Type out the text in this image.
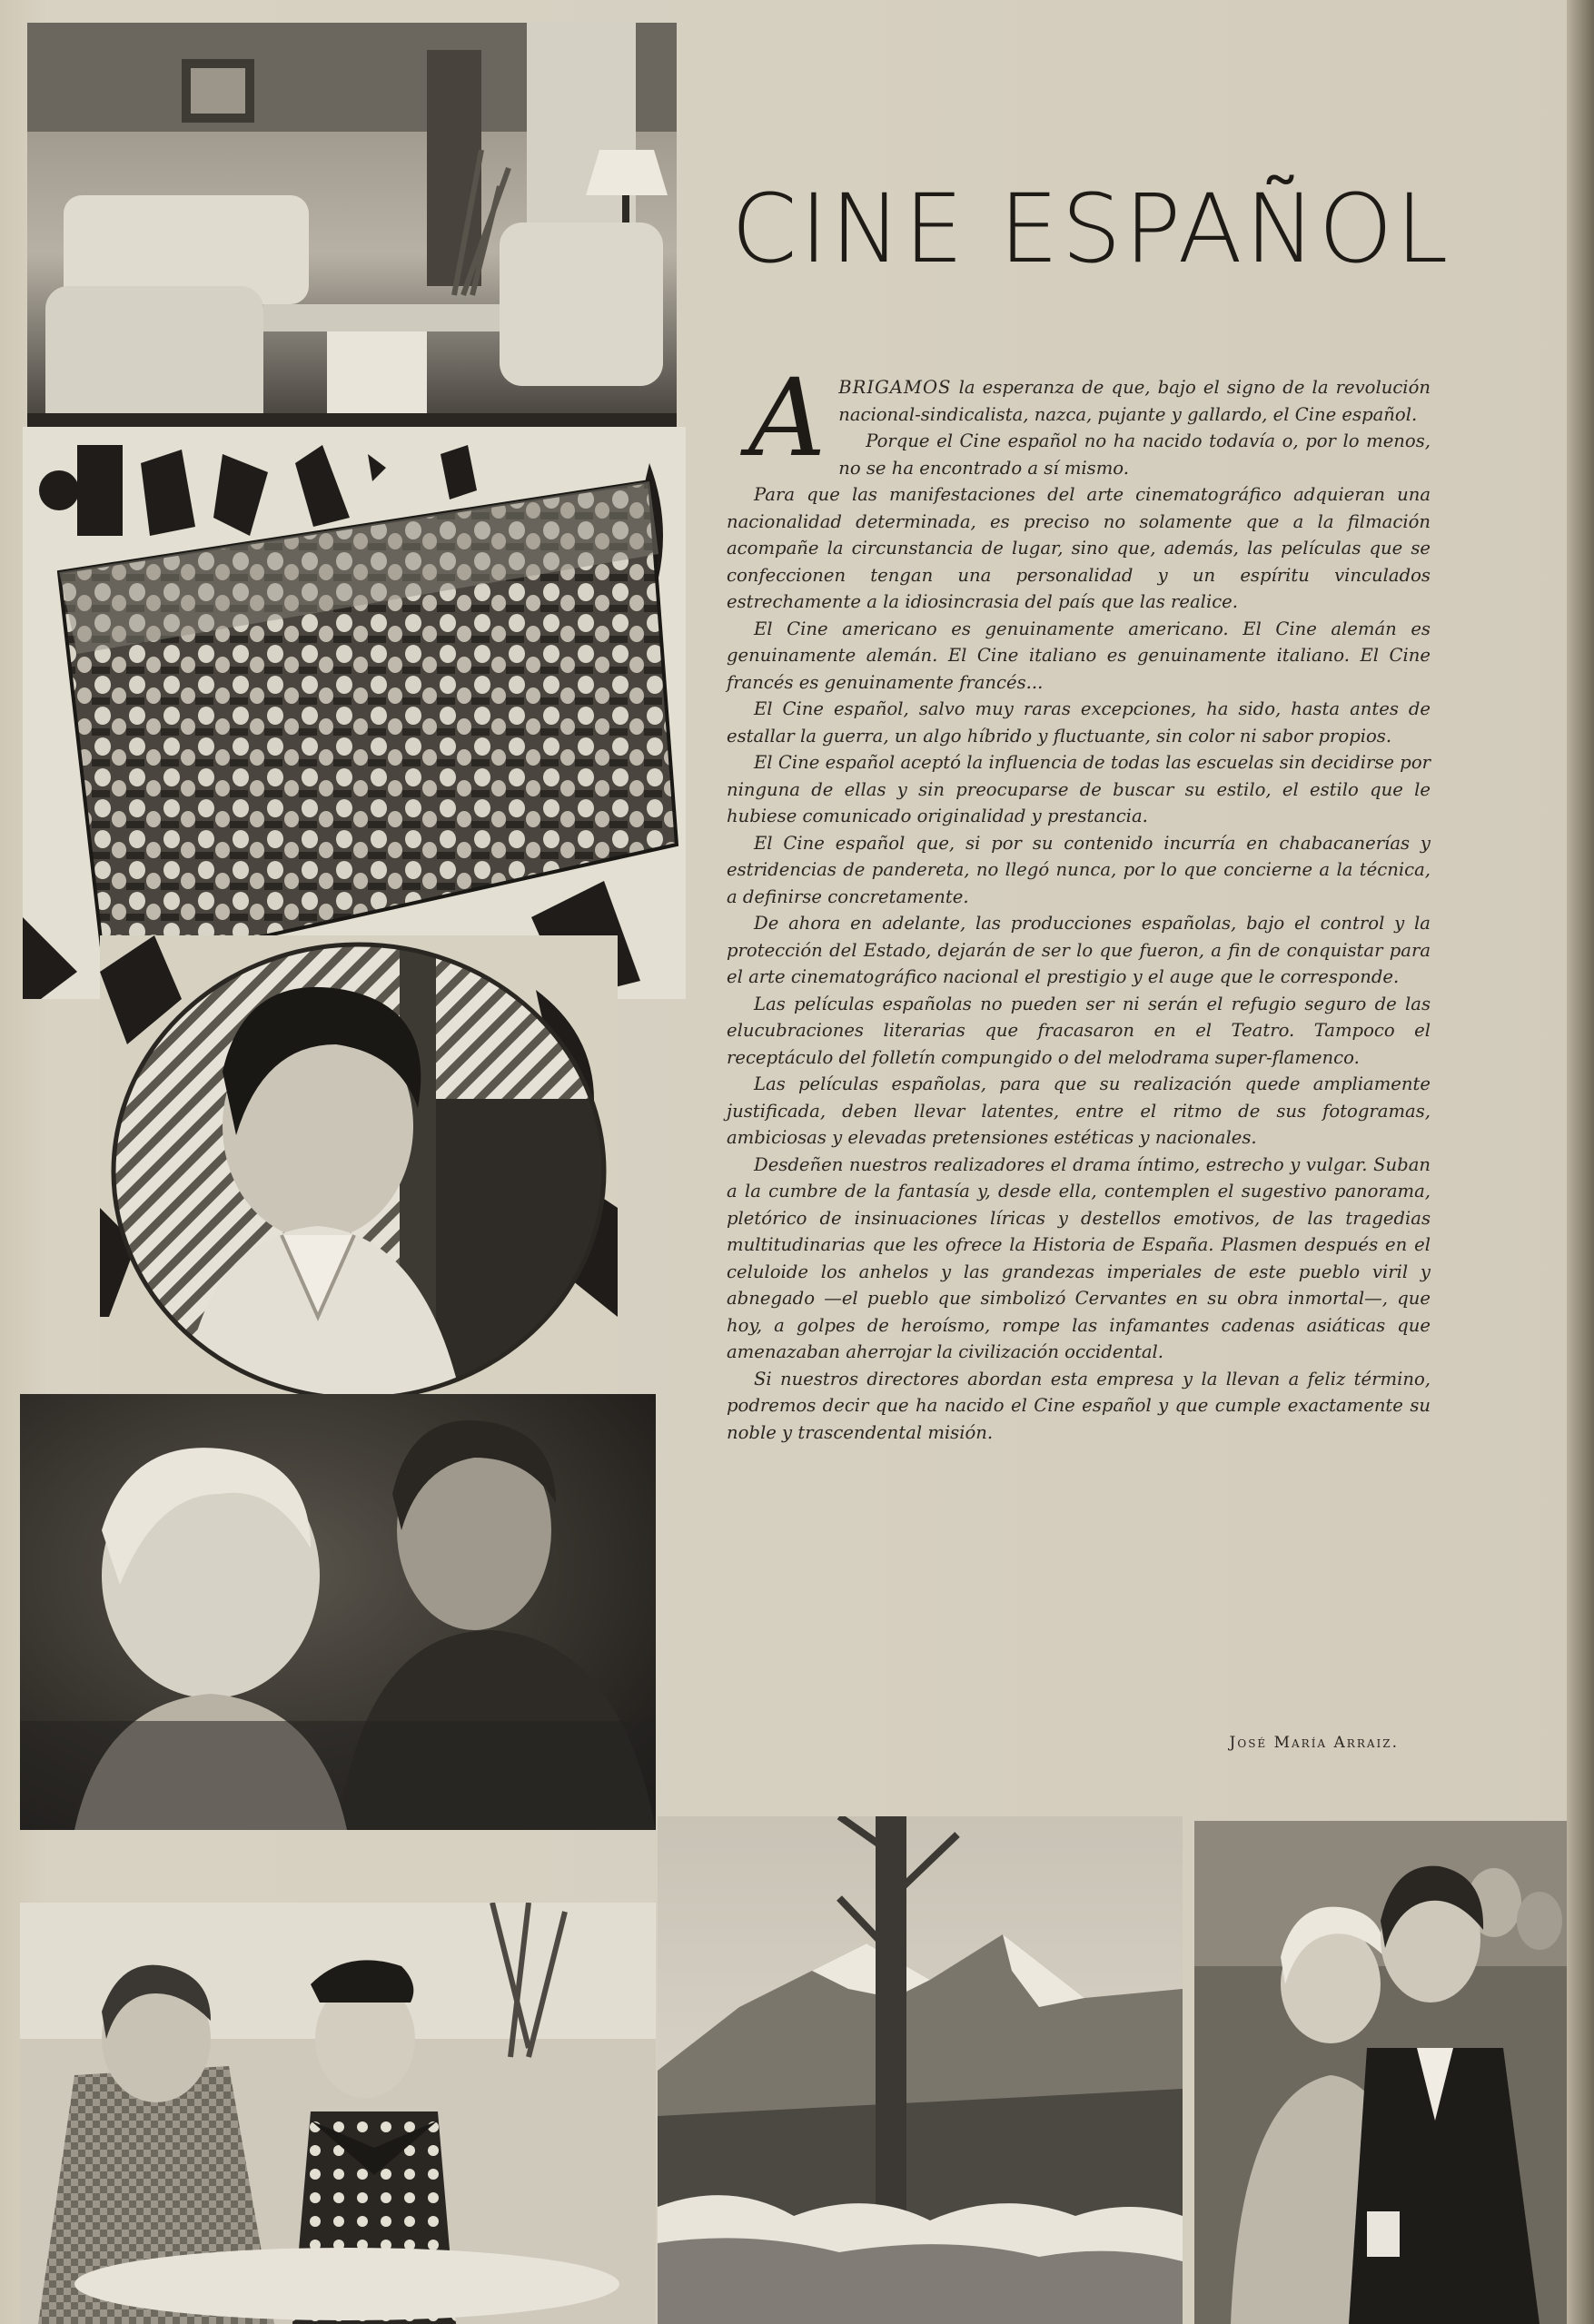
CINE ESPAÑOL

ABRIGAMOS la esperanza de que, bajo el signo de la revolución nacional-sindicalista, nazca, pujante y gallardo, el Cine español.

Porque el Cine español no ha nacido todavía o, por lo menos, no se ha encontrado a sí mismo.

Para que las manifestaciones del arte cinematográfico adquieran una nacionalidad determinada, es preciso no solamente que a la filmación acompañe la circunstancia de lugar, sino que, además, las películas que se confeccionen tengan una personalidad y un espíritu vinculados estrechamente a la idiosincrasia del país que las realice.

El Cine americano es genuinamente americano. El Cine alemán es genuinamente alemán. El Cine italiano es genuinamente italiano. El Cine francés es genuinamente francés...

El Cine español, salvo muy raras excepciones, ha sido, hasta antes de estallar la guerra, un algo híbrido y fluctuante, sin color ni sabor propios.

El Cine español aceptó la influencia de todas las escuelas sin decidirse por ninguna de ellas y sin preocuparse de buscar su estilo, el estilo que le hubiese comunicado originalidad y prestancia.

El Cine español que, si por su contenido incurría en chabacanerías y estridencias de pandereta, no llegó nunca, por lo que concierne a la técnica, a definirse concretamente.

De ahora en adelante, las producciones españolas, bajo el control y la protección del Estado, dejarán de ser lo que fueron, a fin de conquistar para el arte cinematográfico nacional el prestigio y el auge que le corresponde.

Las películas españolas no pueden ser ni serán el refugio seguro de las elucubraciones literarias que fracasaron en el Teatro. Tampoco el receptáculo del folletín compungido o del melodrama super-flamenco.

Las películas españolas, para que su realización quede ampliamente justificada, deben llevar latentes, entre el ritmo de sus fotogramas, ambiciosas y elevadas pretensiones estéticas y nacionales.

Desdeñen nuestros realizadores el drama íntimo, estrecho y vulgar. Suban a la cumbre de la fantasía y, desde ella, contemplen el sugestivo panorama, pletórico de insinuaciones líricas y destellos emotivos, de las tragedias multitudinarias que les ofrece la Historia de España. Plasmen después en el celuloide los anhelos y las grandezas imperiales de este pueblo viril y abnegado —el pueblo que simbolizó Cervantes en su obra inmortal—, que hoy, a golpes de heroísmo, rompe las infamantes cadenas asiáticas que amenazaban aherrojar la civilización occidental.

Si nuestros directores abordan esta empresa y la llevan a feliz término, podremos decir que ha nacido el Cine español y que cumple exactamente su noble y trascendental misión.

José María Arraiz.
